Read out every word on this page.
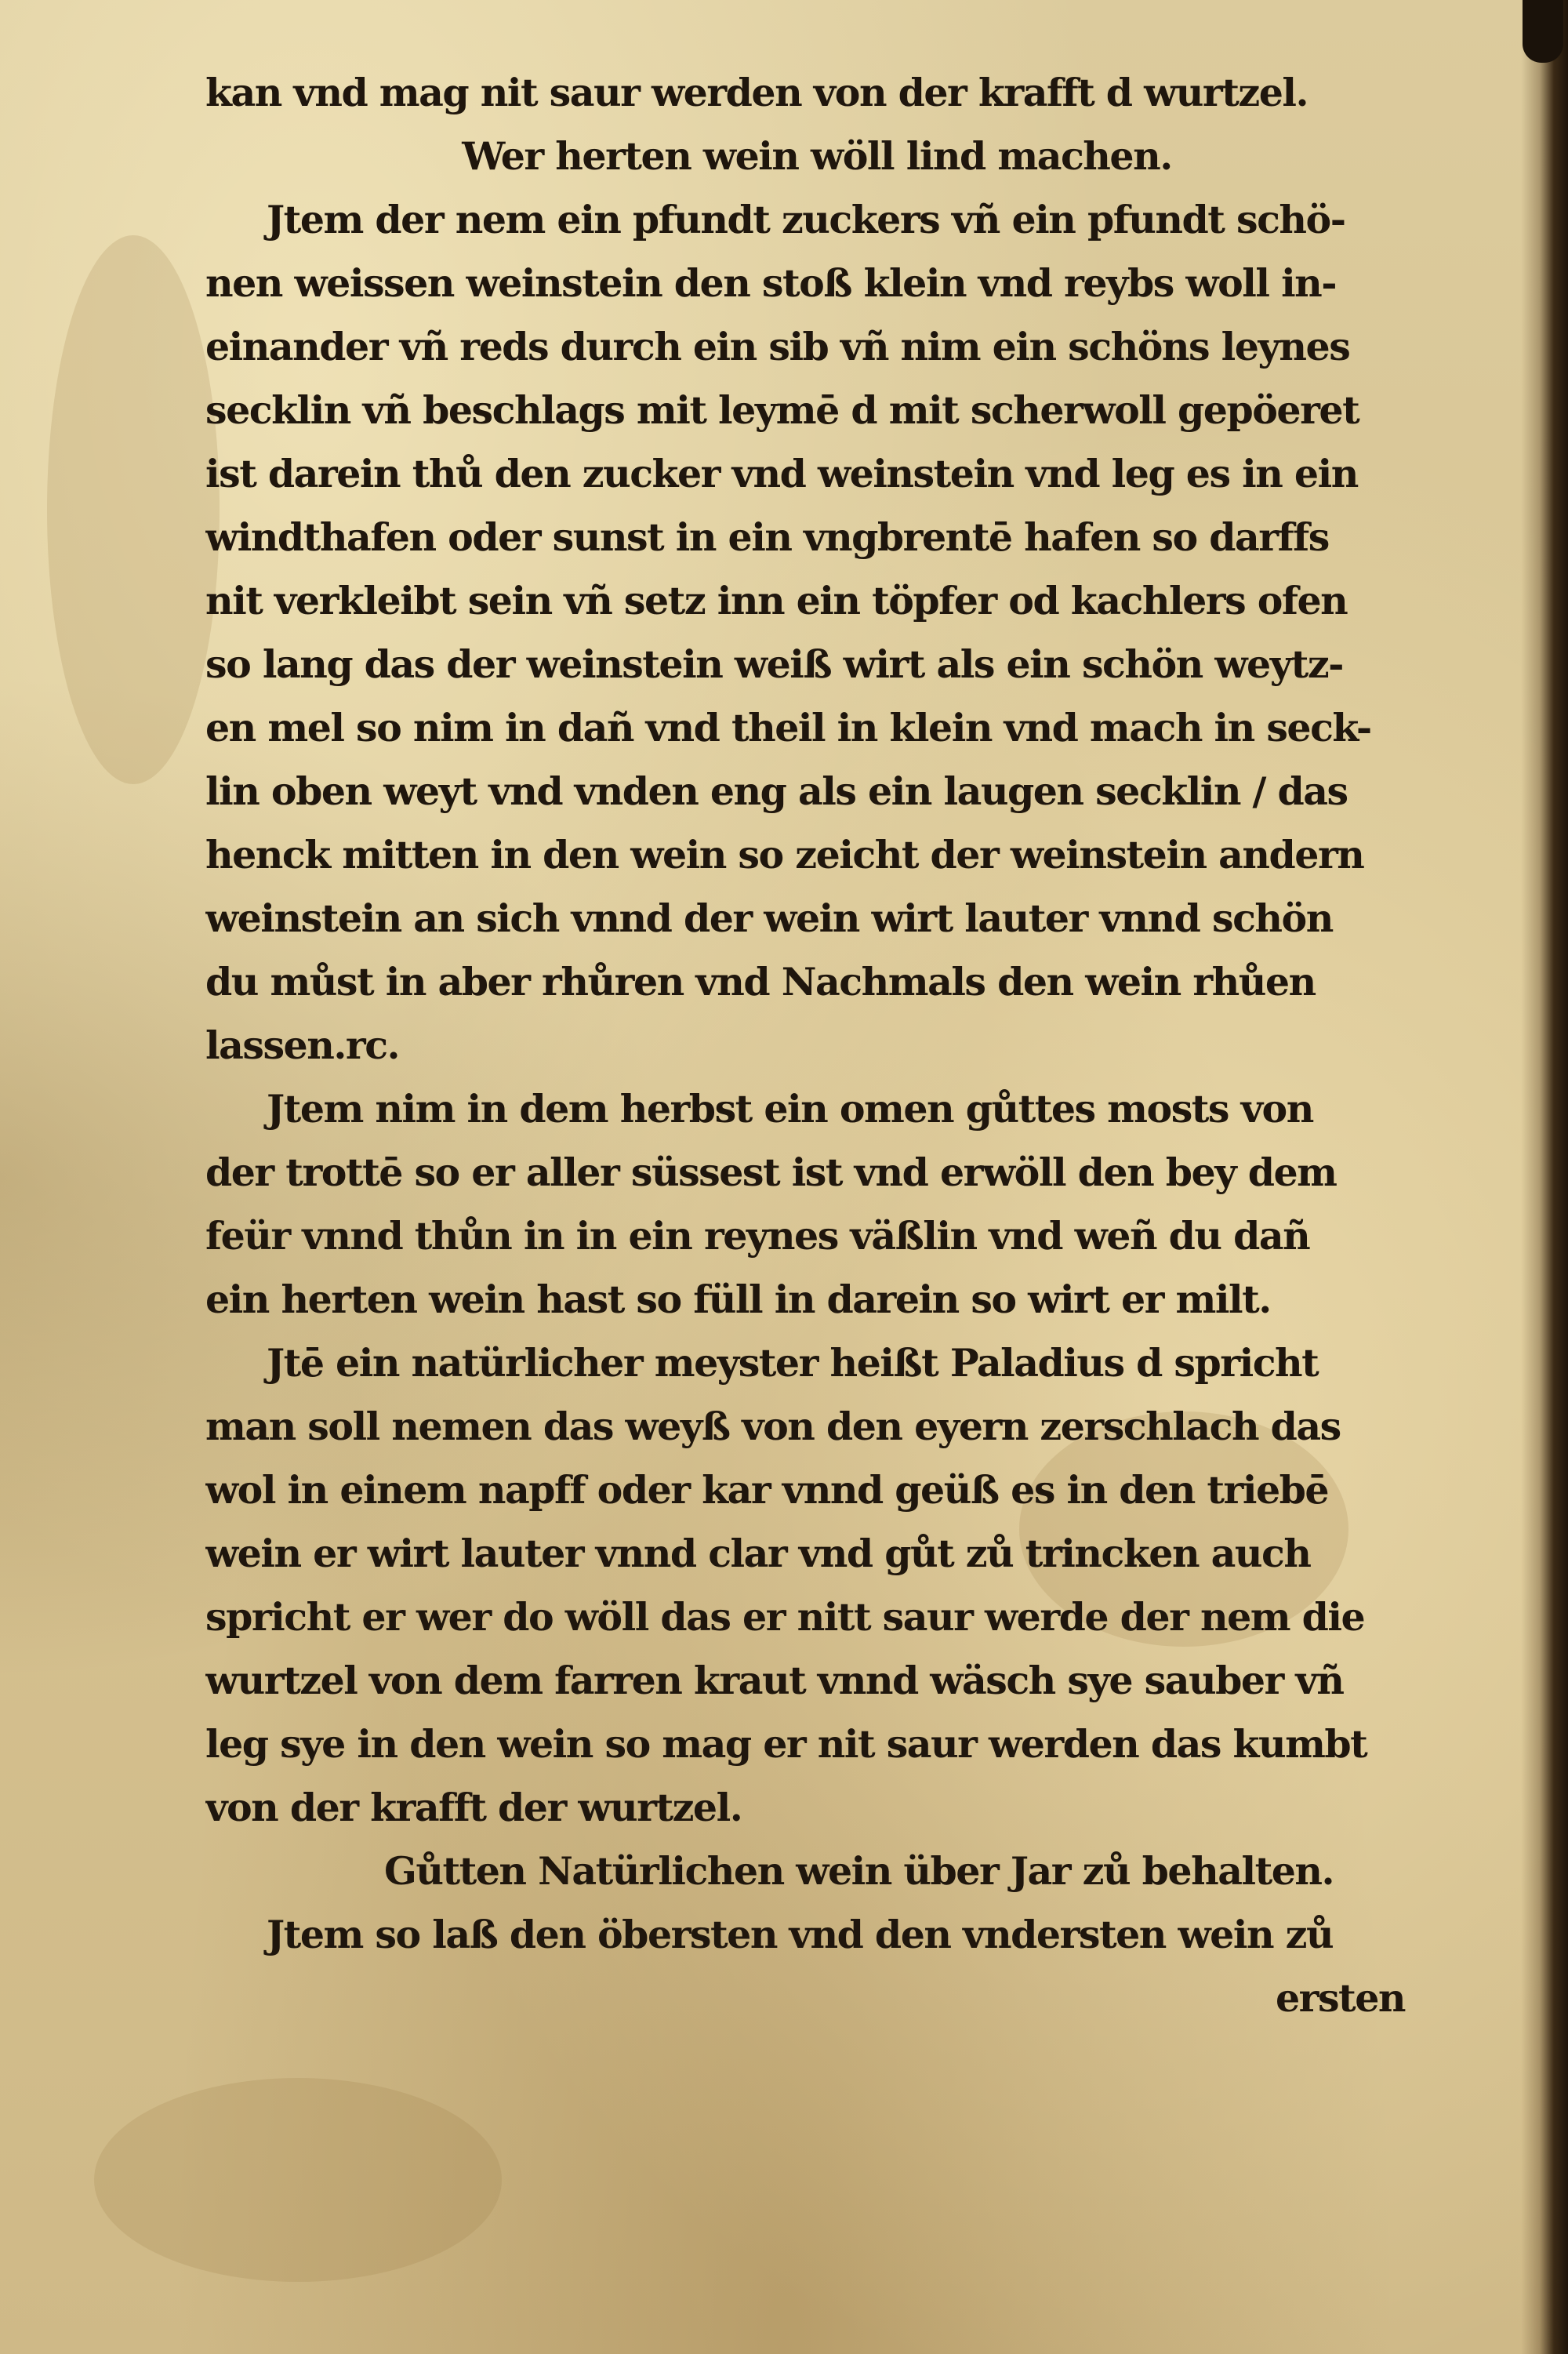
kan vnd mag nit saur werden von der krafft d wurtzel.
Wer herten wein wöll lind machen.
Jtem der nem ein pfundt zuckers vñ ein pfundt schö-
nen weissen weinstein den stoß klein vnd reybs woll in-
einander vñ reds durch ein sib vñ nim ein schöns leynes
secklin vñ beschlags mit leymē d mit scherwoll gepöeret
ist darein thů den zucker vnd weinstein vnd leg es in ein
windthafen oder sunst in ein vngbrentē hafen so darffs
nit verkleibt sein vñ setz inn ein töpfer od kachlers ofen
so lang das der weinstein weiß wirt als ein schön weytz-
en mel so nim in dañ vnd theil in klein vnd mach in seck-
lin oben weyt vnd vnden eng als ein laugen secklin / das
henck mitten in den wein so zeicht der weinstein andern
weinstein an sich vnnd der wein wirt lauter vnnd schön
du můst in aber rhůren vnd Nachmals den wein rhůen
lassen.rc.
Jtem nim in dem herbst ein omen gůttes mosts von
der trottē so er aller süssest ist vnd erwöll den bey dem
feür vnnd thůn in in ein reynes väßlin vnd weñ du dañ
ein herten wein hast so füll in darein so wirt er milt.
Jtē ein natürlicher meyster heißt Paladius d spricht
man soll nemen das weyß von den eyern zerschlach das
wol in einem napff oder kar vnnd geüß es in den triebē
wein er wirt lauter vnnd clar vnd gůt zů trincken auch
spricht er wer do wöll das er nitt saur werde der nem die
wurtzel von dem farren kraut vnnd wäsch sye sauber vñ
leg sye in den wein so mag er nit saur werden das kumbt
von der krafft der wurtzel.
Gůtten Natürlichen wein über Jar zů behalten.
Jtem so laß den öbersten vnd den vndersten wein zů
ersten
